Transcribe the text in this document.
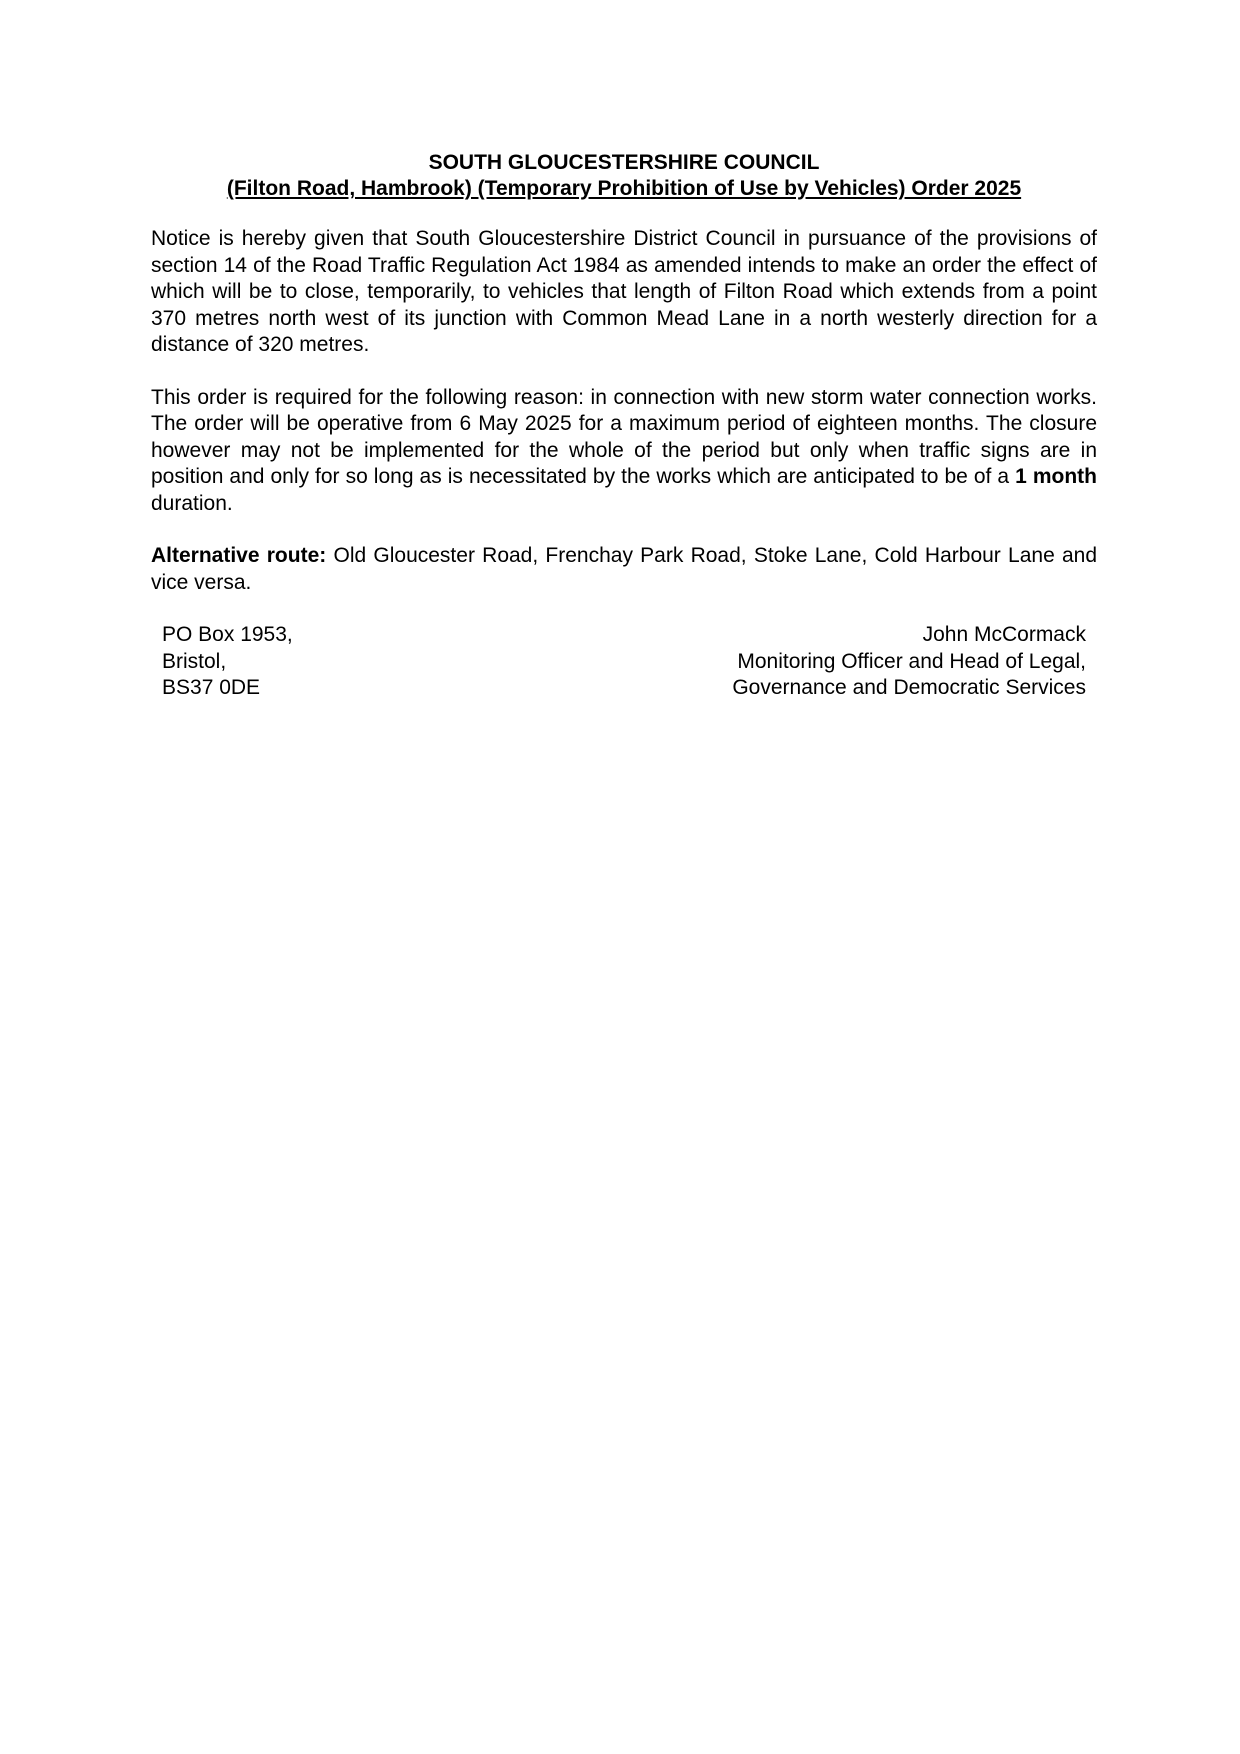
SOUTH GLOUCESTERSHIRE COUNCIL
(Filton Road, Hambrook) (Temporary Prohibition of Use by Vehicles) Order 2025

Notice is hereby given that South Gloucestershire District Council in pursuance of the provisions of section 14 of the Road Traffic Regulation Act 1984 as amended intends to make an order the effect of which will be to close, temporarily, to vehicles that length of Filton Road which extends from a point 370 metres north west of its junction with Common Mead Lane in a north westerly direction for a distance of 320 metres.

This order is required for the following reason: in connection with new storm water connection works. The order will be operative from 6 May 2025 for a maximum period of eighteen months. The closure however may not be implemented for the whole of the period but only when traffic signs are in position and only for so long as is necessitated by the works which are anticipated to be of a 1 month duration.

Alternative route: Old Gloucester Road, Frenchay Park Road, Stoke Lane, Cold Harbour Lane and vice versa.

PO Box 1953,
Bristol,
BS37 0DE
John McCormack
Monitoring Officer and Head of Legal,
Governance and Democratic Services
